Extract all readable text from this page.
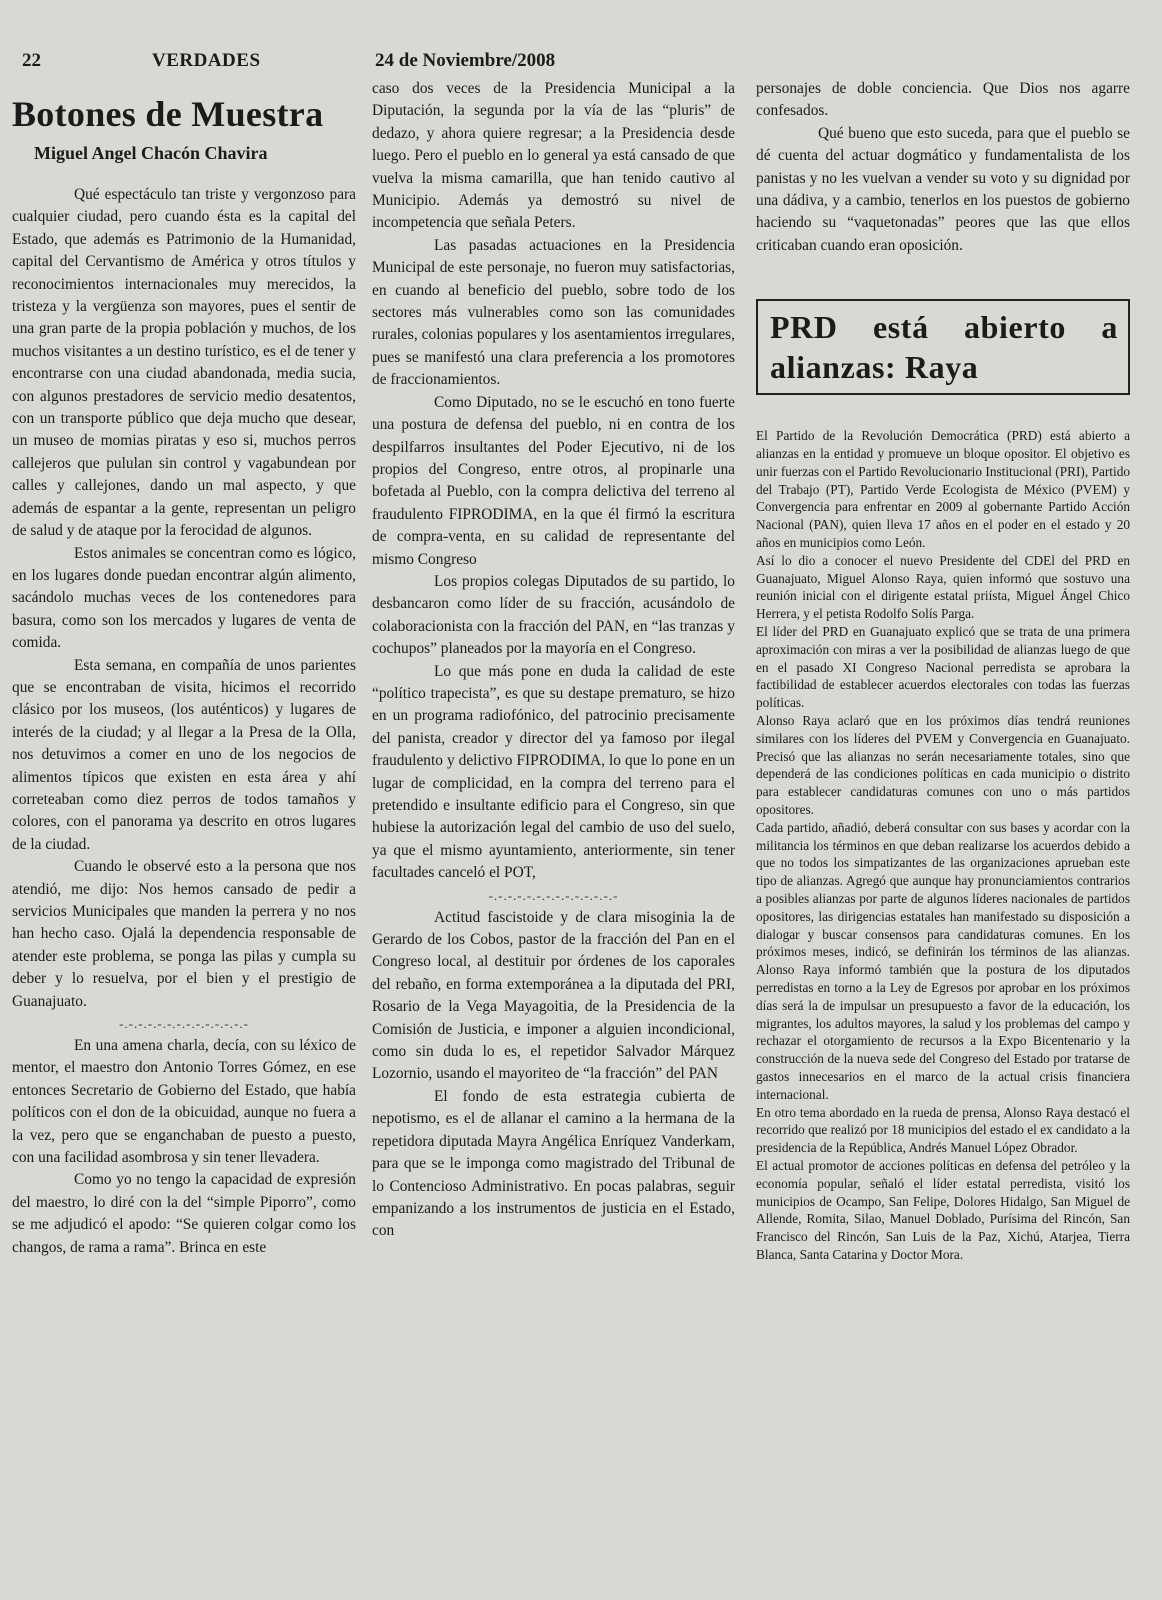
22	VERDADES	24 de Noviembre/2008
Botones de Muestra
Miguel Angel Chacón Chavira

Qué espectáculo tan triste y vergonzoso para cualquier ciudad, pero cuando ésta es la capital del Estado, que además es Patrimonio de la Humanidad, capital del Cervantismo de América y otros títulos y reconocimientos internacionales muy merecidos, la tristeza y la vergüenza son mayores, pues el sentir de una gran parte de la propia población y muchos, de los muchos visitantes a un destino turístico, es el de tener y encontrarse con una ciudad abandonada, media sucia, con algunos prestadores de servicio medio desatentos, con un transporte público que deja mucho que desear, un museo de momias piratas y eso si, muchos perros callejeros que pululan sin control y vagabundean por calles y callejones, dando un mal aspecto, y que además de espantar a la gente, representan un peligro de salud y de ataque por la ferocidad de algunos.

Estos animales se concentran como es lógico, en los lugares donde puedan encontrar algún alimento, sacándolo muchas veces de los contenedores para basura, como son los mercados y lugares de venta de comida.

Esta semana, en compañía de unos parientes que se encontraban de visita, hicimos el recorrido clásico por los museos, (los auténticos) y lugares de interés de la ciudad; y al llegar a la Presa de la Olla, nos detuvimos a comer en uno de los negocios de alimentos típicos que existen en esta área y ahí correteaban como diez perros de todos tamaños y colores, con el panorama ya descrito en otros lugares de la ciudad.

Cuando le observé esto a la persona que nos atendió, me dijo: Nos hemos cansado de pedir a servicios Municipales que manden la perrera y no nos han hecho caso. Ojalá la dependencia responsable de atender este problema, se ponga las pilas y cumpla su deber y lo resuelva, por el bien y el prestigio de Guanajuato.

-.-.-.-.-.-.-.-.-.-.-.-.-.-

En una amena charla, decía, con su léxico de mentor, el maestro don Antonio Torres Gómez, en ese entonces Secretario de Gobierno del Estado, que había políticos con el don de la obicuidad, aunque no fuera a la vez, pero que se enganchaban de puesto a puesto, con una facilidad asombrosa y sin tener llevadera.

Como yo no tengo la capacidad de expresión del maestro, lo diré con la del “simple Piporro”, como se me adjudicó el apodo: “Se quieren colgar como los changos, de rama a rama”. Brinca en este

caso dos veces de la Presidencia Municipal a la Diputación, la segunda por la vía de las “pluris” de dedazo, y ahora quiere regresar; a la Presidencia desde luego. Pero el pueblo en lo general ya está cansado de que vuelva la misma camarilla, que han tenido cautivo al Municipio. Además ya demostró su nivel de incompetencia que señala Peters.

Las pasadas actuaciones en la Presidencia Municipal de este personaje, no fueron muy satisfactorias, en cuando al beneficio del pueblo, sobre todo de los sectores más vulnerables como son las comunidades rurales, colonias populares y los asentamientos irregulares, pues se manifestó una clara preferencia a los promotores de fraccionamientos.

Como Diputado, no se le escuchó en tono fuerte una postura de defensa del pueblo, ni en contra de los despilfarros insultantes del Poder Ejecutivo, ni de los propios del Congreso, entre otros, al propinarle una bofetada al Pueblo, con la compra delictiva del terreno al fraudulento FIPRODIMA, en la que él firmó la escritura de compra-venta, en su calidad de representante del mismo Congreso

Los propios colegas Diputados de su partido, lo desbancaron como líder de su fracción, acusándolo de colaboracionista con la fracción del PAN, en “las tranzas y cochupos” planeados por la mayoría en el Congreso.

Lo que más pone en duda la calidad de este “político trapecista”, es que su destape prematuro, se hizo en un programa radiofónico, del patrocinio precisamente del panista, creador y director del ya famoso por ilegal fraudulento y delictivo FIPRODIMA, lo que lo pone en un lugar de complicidad, en la compra del terreno para el pretendido e insultante edificio para el Congreso, sin que hubiese la autorización legal del cambio de uso del suelo, ya que el mismo ayuntamiento, anteriormente, sin tener facultades canceló el POT,

-.-.-.-.-.-.-.-.-.-.-.-.-.-

Actitud fascistoide y de clara misoginia la de Gerardo de los Cobos, pastor de la fracción del Pan en el Congreso local, al destituir por órdenes de los caporales del rebaño, en forma extemporánea a la diputada del PRI, Rosario de la Vega Mayagoitia, de la Presidencia de la Comisión de Justicia, e imponer a alguien incondicional, como sin duda lo es, el repetidor Salvador Márquez Lozornio, usando el mayoriteo de “la fracción” del PAN

El fondo de esta estrategia cubierta de nepotismo, es el de allanar el camino a la hermana de la repetidora diputada Mayra Angélica Enríquez Vanderkam, para que se le imponga como magistrado del Tribunal de lo Contencioso Administrativo. En pocas palabras, seguir empanizando a los instrumentos de justicia en el Estado, con

personajes de doble conciencia. Que Dios nos agarre confesados.

Qué bueno que esto suceda, para que el pueblo se dé cuenta del actuar dogmático y fundamentalista de los panistas y no les vuelvan a vender su voto y su dignidad por una dádiva, y a cambio, tenerlos en los puestos de gobierno haciendo su “vaquetonadas” peores que las que ellos criticaban cuando eran oposición.

PRD está abierto a alianzas: Raya

El Partido de la Revolución Democrática (PRD) está abierto a alianzas en la entidad y promueve un bloque opositor. El objetivo es unir fuerzas con el Partido Revolucionario Institucional (PRI), Partido del Trabajo (PT), Partido Verde Ecologista de México (PVEM) y Convergencia para enfrentar en 2009 al gobernante Partido Acción Nacional (PAN), quien lleva 17 años en el poder en el estado y 20 años en municipios como León.

Así lo dio a conocer el nuevo Presidente del CDEl del PRD en Guanajuato, Miguel Alonso Raya, quien informó que sostuvo una reunión inicial con el dirigente estatal priísta, Miguel Ángel Chico Herrera, y el petista Rodolfo Solís Parga.

El líder del PRD en Guanajuato explicó que se trata de una primera aproximación con miras a ver la posibilidad de alianzas luego de que en el pasado XI Congreso Nacional perredista se aprobara la factibilidad de establecer acuerdos electorales con todas las fuerzas políticas.

Alonso Raya aclaró que en los próximos días tendrá reuniones similares con los líderes del PVEM y Convergencia en Guanajuato. Precisó que las alianzas no serán necesariamente totales, sino que dependerá de las condiciones políticas en cada municipio o distrito para establecer candidaturas comunes con uno o más partidos opositores.

Cada partido, añadió, deberá consultar con sus bases y acordar con la militancia los términos en que deban realizarse los acuerdos debido a que no todos los simpatizantes de las organizaciones aprueban este tipo de alianzas. Agregó que aunque hay pronunciamientos contrarios a posibles alianzas por parte de algunos líderes nacionales de partidos opositores, las dirigencias estatales han manifestado su disposición a dialogar y buscar consensos para candidaturas comunes. En los próximos meses, indicó, se definirán los términos de las alianzas. Alonso Raya informó también que la postura de los diputados perredistas en torno a la Ley de Egresos por aprobar en los próximos días será la de impulsar un presupuesto a favor de la educación, los migrantes, los adultos mayores, la salud y los problemas del campo y rechazar el otorgamiento de recursos a la Expo Bicentenario y la construcción de la nueva sede del Congreso del Estado por tratarse de gastos innecesarios en el marco de la actual crisis financiera internacional.

En otro tema abordado en la rueda de prensa, Alonso Raya destacó el recorrido que realizó por 18 municipios del estado el ex candidato a la presidencia de la República, Andrés Manuel López Obrador.

El actual promotor de acciones políticas en defensa del petróleo y la economía popular, señaló el líder estatal perredista, visitó los municipios de Ocampo, San Felipe, Dolores Hidalgo, San Miguel de Allende, Romita, Silao, Manuel Doblado, Purísima del Rincón, San Francisco del Rincón, San Luis de la Paz, Xichú, Atarjea, Tierra Blanca, Santa Catarina y Doctor Mora.
